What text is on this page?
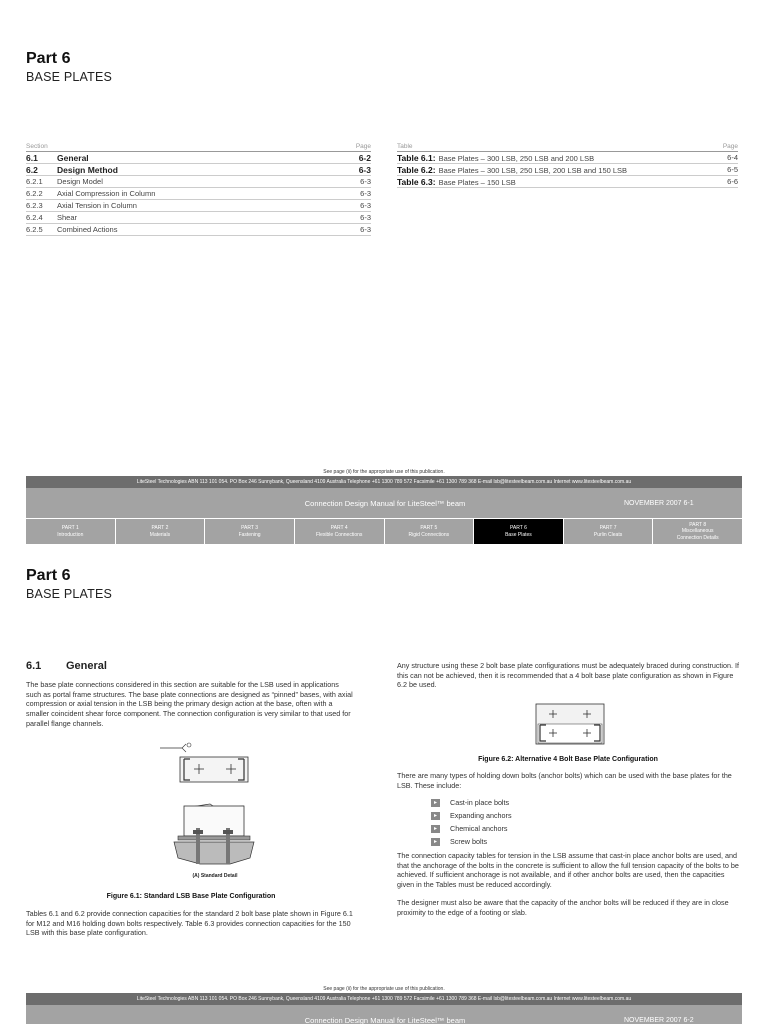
Part 6
BASE PLATES
Section	Page
6.1	General	6-2
6.2	Design Method	6-3
6.2.1	Design Model	6-3
6.2.2	Axial Compression in Column	6-3
6.2.3	Axial Tension in Column	6-3
6.2.4	Shear	6-3
6.2.5	Combined Actions	6-3
Table	Page
Table 6.1: Base Plates – 300 LSB, 250 LSB and 200 LSB	6-4
Table 6.2: Base Plates – 300 LSB, 250 LSB, 200 LSB and 150 LSB	6-5
Table 6.3: Base Plates – 150 LSB	6-6
See page (ii) for the appropriate use of this publication.
LiteSteel Technologies ABN 113 101 054. PO Box 246 Sunnybank, Queensland 4109 Australia Telephone +61 1300 789 572 Facsimile +61 1300 789 368 E-mail lsb@litesteelbeam.com.au Internet www.litesteelbeam.com.au
Connection Design Manual for LiteSteel™ beam	NOVEMBER 2007 6-1
PART 1
Introduction
PART 2
Materials
PART 3
Fastening
PART 4
Flexible Connections
PART 5
Rigid Connections
PART 6
Base Plates
PART 7
Purlin Cleats
PART 8
Miscellaneous
Connection Details
Part 6
BASE PLATES
6.1 General
The base plate connections considered in this section are suitable for the LSB used in applications such as portal frame structures. The base plate connections are designed as “pinned” bases, with axial compression or axial tension in the LSB being the primary design action at the base, often with a smaller coincident shear force component. The connection configuration is very similar to that used for parallel flange channels.
(A) Standard Detail
Figure 6.1: Standard LSB Base Plate Configuration
Tables 6.1 and 6.2 provide connection capacities for the standard 2 bolt base plate shown in Figure 6.1 for M12 and M16 holding down bolts respectively. Table 6.3 provides connection capacities for the 150 LSB with this base plate configuration.
Any structure using these 2 bolt base plate configurations must be adequately braced during construction. If this can not be achieved, then it is recommended that a 4 bolt base plate configuration as shown in Figure 6.2 be used.
Figure 6.2: Alternative 4 Bolt Base Plate Configuration
There are many types of holding down bolts (anchor bolts) which can be used with the base plates for the LSB. These include:
▸	Cast-in place bolts
▸	Expanding anchors
▸	Chemical anchors
▸	Screw bolts
The connection capacity tables for tension in the LSB assume that cast-in place anchor bolts are used, and that the anchorage of the bolts in the concrete is sufficient to allow the full tension capacity of the bolts to be achieved. If sufficient anchorage is not available, and if other anchor bolts are used, then the capacities given in the Tables must be reduced accordingly.
The designer must also be aware that the capacity of the anchor bolts will be reduced if they are in close proximity to the edge of a footing or slab.
See page (ii) for the appropriate use of this publication.
LiteSteel Technologies ABN 113 101 054. PO Box 246 Sunnybank, Queensland 4109 Australia Telephone +61 1300 789 572 Facsimile +61 1300 789 368 E-mail lsb@litesteelbeam.com.au Internet www.litesteelbeam.com.au
Connection Design Manual for LiteSteel™ beam	NOVEMBER 2007 6-2
